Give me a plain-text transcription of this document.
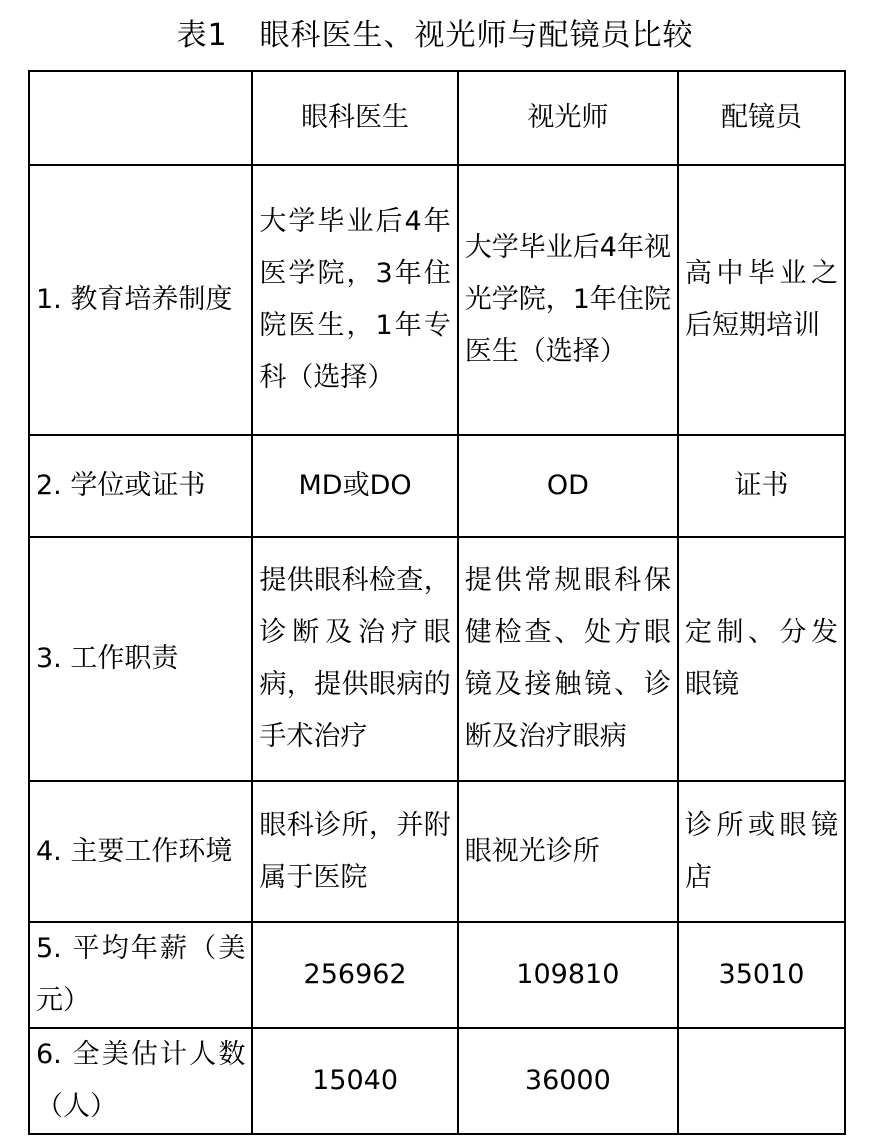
表1 眼科医生、视光师与配镜员比较
	眼科医生	视光师	配镜员
1. 教育培养制度	大学毕业后4年医学院，3年住院医生，1年专科（选择）	大学毕业后4年视光学院，1年住院医生（选择）	高中毕业之后短期培训
2. 学位或证书	MD或DO	OD	证书
3. 工作职责	提供眼科检查，诊断及治疗眼病，提供眼病的手术治疗	提供常规眼科保健检查、处方眼镜及接触镜、诊断及治疗眼病	定制、分发眼镜
4. 主要工作环境	眼科诊所，并附属于医院	眼视光诊所	诊所或眼镜店
5. 平均年薪（美元）	256962	109810	35010
6. 全美估计人数（人）	15040	36000	
